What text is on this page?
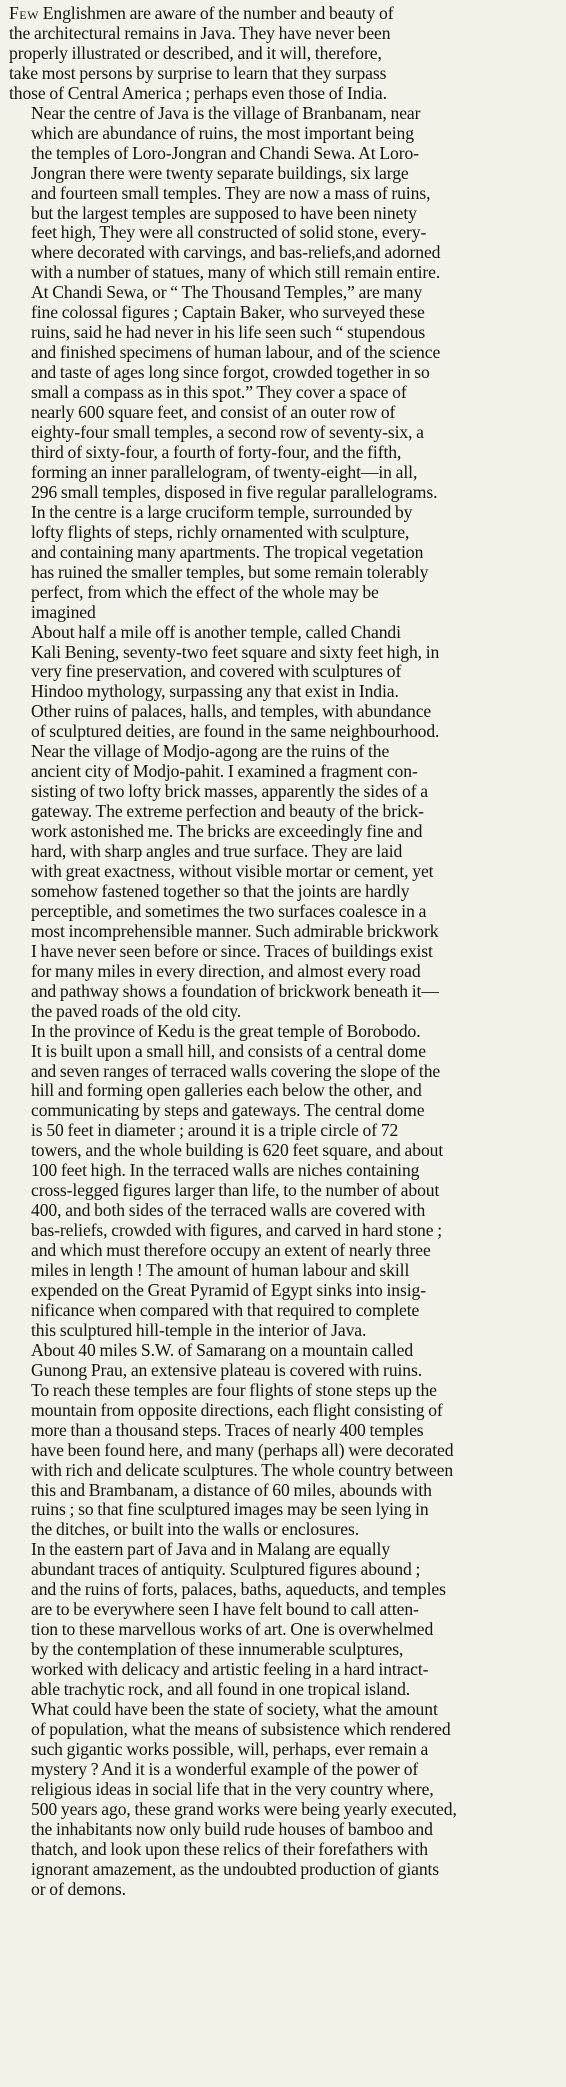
Few Englishmen are aware of the number and beauty of
the architectural remains in Java. They have never been
properly illustrated or described, and it will, therefore,
take most persons by surprise to learn that they surpass
those of Central America ; perhaps even those of India.
Near the centre of Java is the village of Branbanam, near
which are abundance of ruins, the most important being
the temples of Loro-Jongran and Chandi Sewa. At Loro-
Jongran there were twenty separate buildings, six large
and fourteen small temples. They are now a mass of ruins,
but the largest temples are supposed to have been ninety
feet high, They were all constructed of solid stone, every-
where decorated with carvings, and bas-reliefs,and adorned
with a number of statues, many of which still remain entire.
At Chandi Sewa, or “ The Thousand Temples,” are many
fine colossal figures ; Captain Baker, who surveyed these
ruins, said he had never in his life seen such “ stupendous
and finished specimens of human labour, and of the science
and taste of ages long since forgot, crowded together in so
small a compass as in this spot.” They cover a space of
nearly 600 square feet, and consist of an outer row of
eighty-four small temples, a second row of seventy-six, a
third of sixty-four, a fourth of forty-four, and the fifth,
forming an inner parallelogram, of twenty-eight—in all,
296 small temples, disposed in five regular parallelograms.
In the centre is a large cruciform temple, surrounded by
lofty flights of steps, richly ornamented with sculpture,
and containing many apartments. The tropical vegetation
has ruined the smaller temples, but some remain tolerably
perfect, from which the effect of the whole may be
imagined
About half a mile off is another temple, called Chandi
Kali Bening, seventy-two feet square and sixty feet high, in
very fine preservation, and covered with sculptures of
Hindoo mythology, surpassing any that exist in India.
Other ruins of palaces, halls, and temples, with abundance
of sculptured deities, are found in the same neighbourhood.
Near the village of Modjo-agong are the ruins of the
ancient city of Modjo-pahit. I examined a fragment con-
sisting of two lofty brick masses, apparently the sides of a
gateway. The extreme perfection and beauty of the brick-
work astonished me. The bricks are exceedingly fine and
hard, with sharp angles and true surface. They are laid
with great exactness, without visible mortar or cement, yet
somehow fastened together so that the joints are hardly
perceptible, and sometimes the two surfaces coalesce in a
most incomprehensible manner. Such admirable brickwork
I have never seen before or since. Traces of buildings exist
for many miles in every direction, and almost every road
and pathway shows a foundation of brickwork beneath it—
the paved roads of the old city.
In the province of Kedu is the great temple of Borobodo.
It is built upon a small hill, and consists of a central dome
and seven ranges of terraced walls covering the slope of the
hill and forming open galleries each below the other, and
communicating by steps and gateways. The central dome
is 50 feet in diameter ; around it is a triple circle of 72
towers, and the whole building is 620 feet square, and about
100 feet high. In the terraced walls are niches containing
cross-legged figures larger than life, to the number of about
400, and both sides of the terraced walls are covered with
bas-reliefs, crowded with figures, and carved in hard stone ;
and which must therefore occupy an extent of nearly three
miles in length ! The amount of human labour and skill
expended on the Great Pyramid of Egypt sinks into insig-
nificance when compared with that required to complete
this sculptured hill-temple in the interior of Java.
About 40 miles S.W. of Samarang on a mountain called
Gunong Prau, an extensive plateau is covered with ruins.
To reach these temples are four flights of stone steps up the
mountain from opposite directions, each flight consisting of
more than a thousand steps. Traces of nearly 400 temples
have been found here, and many (perhaps all) were decorated
with rich and delicate sculptures. The whole country between
this and Brambanam, a distance of 60 miles, abounds with
ruins ; so that fine sculptured images may be seen lying in
the ditches, or built into the walls or enclosures.
In the eastern part of Java and in Malang are equally
abundant traces of antiquity. Sculptured figures abound ;
and the ruins of forts, palaces, baths, aqueducts, and temples
are to be everywhere seen I have felt bound to call atten-
tion to these marvellous works of art. One is overwhelmed
by the contemplation of these innumerable sculptures,
worked with delicacy and artistic feeling in a hard intract-
able trachytic rock, and all found in one tropical island.
What could have been the state of society, what the amount
of population, what the means of subsistence which rendered
such gigantic works possible, will, perhaps, ever remain a
mystery ? And it is a wonderful example of the power of
religious ideas in social life that in the very country where,
500 years ago, these grand works were being yearly executed,
the inhabitants now only build rude houses of bamboo and
thatch, and look upon these relics of their forefathers with
ignorant amazement, as the undoubted production of giants
or of demons.
